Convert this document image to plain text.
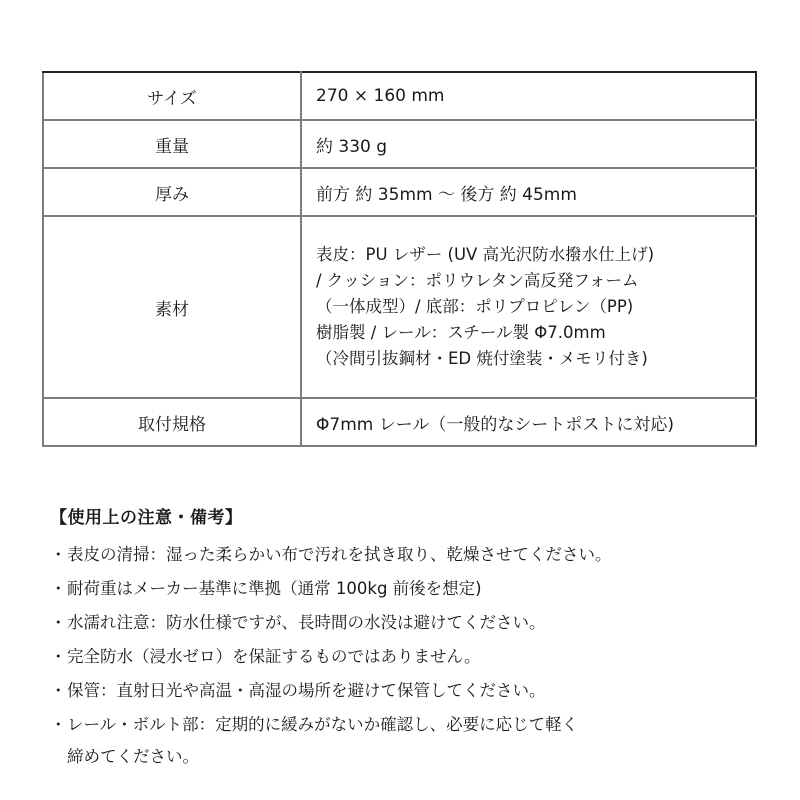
サイズ	270 × 160 mm
重量	約 330 g
厚み	前方 約 35mm 〜 後方 約 45mm
素材	表皮：PU レザー (UV 高光沢防水撥水仕上げ)
/ クッション：ポリウレタン高反発フォーム
（一体成型）/ 底部：ポリプロピレン（PP)
樹脂製 / レール：スチール製 Φ7.0mm
（冷間引抜鋼材・ED 焼付塗装・メモリ付き)

取付規格	Φ7mm レール（一般的なシートポストに対応)
【使用上の注意・備考】
・表皮の清掃：湿った柔らかい布で汚れを拭き取り、乾燥させてください。
・耐荷重はメーカー基準に準拠（通常 100kg 前後を想定)
・水濡れ注意：防水仕様ですが、長時間の水没は避けてください。
・完全防水（浸水ゼロ）を保証するものではありません。
・保管：直射日光や高温・高湿の場所を避けて保管してください。
・レール・ボルト部：定期的に緩みがないか確認し、必要に応じて軽く
締めてください。
